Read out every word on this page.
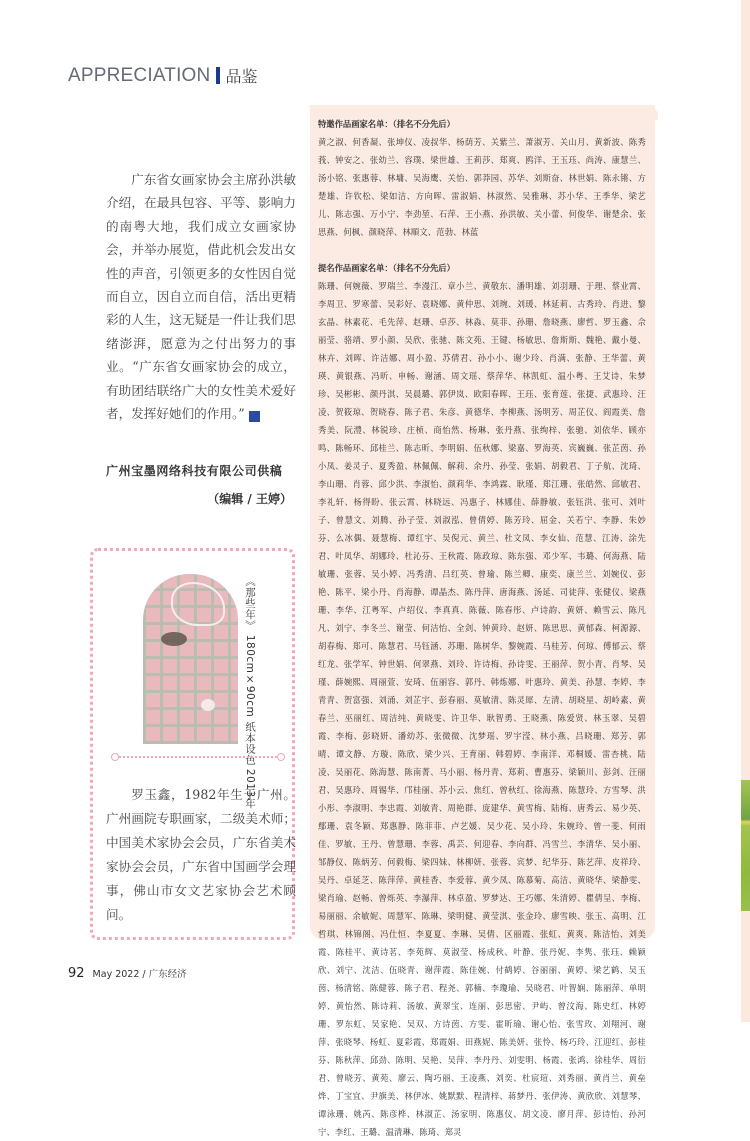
APPRECIATION 品鉴

广东省女画家协会主席孙洪敏介绍，在最具包容、平等、影响力的南粤大地，我们成立女画家协会，并举办展览，借此机会发出女性的声音，引领更多的女性因自觉而自立，因自立而自信，活出更精彩的人生，这无疑是一件让我们思绪澎湃，愿意为之付出努力的事业。“广东省女画家协会的成立，有助团结联络广大的女性美术爱好者，发挥好她们的作用。”	G

广州宝墨网络科技有限公司供稿
（编辑 / 王婷）
《那些年》 180cm×90cm 纸本设色 2013年

罗玉鑫，1982年生于广州。广州画院专职画家，二级美术师；中国美术家协会会员，广东省美术家协会会员，广东省中国画学会理事，佛山市女文艺家协会艺术顾问。

特邀作品画家名单：（排名不分先后）

黄之淑、何香凝、张坤仪、凌叔华、杨荫芳、关紫兰、萧淑芳、关山月、黄新波、陈秀莪、钟安之、张幼兰、容璞、梁世雄、王莉莎、郑爽、鸥洋、王玉珏、尚涛、康慧兰、汤小铭、张惠蓉、林墉、吴海鹰、关怡、郭莽园、苏华、刘斯奋、林世娟、陈永锵、方楚雄、许钦松、梁如洁、方向晖、雷淑娟、林淑然、吴雅琳、苏小华、王季华、梁艺儿、陈志强、万小宁、李劲堃、石萍、王小燕、孙洪敏、关小蕾、何俊华、谢楚余、张思燕、何枫、颜晓萍、林順文、范勃、林蓝

提名作品画家名单：（排名不分先后）

陈珊、何婉薇、罗瑞兰、李漫江、章小兰、黄敬东、潘明雄、刘羽珊、于理、蔡业霄、李周卫、罗寒蕾、吴彩好、袁晓娜、黄仲思、刘琬、刘瑗、林延莉、古秀玲、肖进、黎玄晶、林素花、毛先萍、赵珊、卓莎、林淼、莫菲、孙珊、詹晓燕、廖哲、罗玉鑫、佘丽莹、骆靖、罗小颜、吴欣、张驰、陈文苑、王键、杨敏思、詹斯斯、魏艳、戴小曼、林卉、刘晖、许洁娜、周小盈、苏倩君、孙小小、谢少玲、肖满、张静、王华蕾、黄瑛、黄银燕、冯昕、申畅、谢涵、周文瑶、蔡萍华、林凯虹、温小粤、王艾诗、朱梦珍、吴彬彬、颜丹淇、吴晨璐、郭伊岚、欧阳春晖、王珏、张育莲、张捷、武惠玲、汪凌、贺筱琼、贺晓春、陈子君、朱彦、黄德华、李柳燕、汤明芳、周芷仪、阎霞美、詹秀美、阮澧、林锐珍、庄桢、商怡然、杨琳、张丹燕、张绚梓、张驰、刘依华、顾亦鸣、陈畅环、邱桂兰、陈志昕、李明娟、伍秋娜、梁嘉、罗海英、宾巍巍、张芷茵、孙小凤、姜灵子、夏秀盈、林佩佩、解莉、余丹、孙莹、张娟、胡毅君、丁子航、沈琦、李山珊、肖蓉、邱少洪、李淑怡、颜莉华、李鸿霖、耿瑾、郑江珊、张皓然、邱敏君、李礼轩、杨得盼、张云霄、林晓远、冯惠子、林娜佳、薛静敏、张钰洪、张可、刘叶子、曾慧文、刘腾、孙子莹、刘淑泓、曾倩婷、陈芳玲、屈金、关若宁、李静、朱妙芬、么冰偶、聂慧梅、谭红宇、吴倪元、黄兰、杜文凤、李女仙、范慧、江涛、涂先君、叶凤华、胡娜玲、杜沁芬、王秋霞、陈政琼、陈东强、邓少军、韦璐、何海燕、陆敏珊、张蓉、吴小婷、冯秀清、吕红英、曾瑜、陈兰卿、康奕、康兰兰、刘婉仪、彭艳、陈平、梁小丹、肖海静、谭晶杰、陈丹萍、唐海燕、汤延、司徒萍、张健仪、梁燕珊、李华、江粤军、卢绍仪、李真真、陈薇、陈春彤、卢诗韵、黄妍、赖雪云、陈凡凡、刘宁、李冬兰、谢莹、何洁怡、全剑、钟黄玲、赵妍、陈思思、黄郁森、柯源源、胡春梅、郑可、陈慧君、马钰涵、苏珊、陈树华、黎婉霞、马桂芳、何琼、傅郁云、蔡红龙、张学军、钟世娟、何翠燕、刘玲、许诗梅、孙诗雯、王丽萍、贺小青、肖琴、吴瑾、薛婉熙、周丽萱、安琦、伍丽容、郭丹、韩炼娜、叶惠玲、黄美、孙慧、李婷、李青青、贺富强、刘涌、刘芷宇、彭春丽、莫敏清、陈灵犀、左清、胡晓星、胡岭素、黄春兰、巫丽红、周洁纯、黄晓雯、许卫华、耿智勇、王晓燕、陈爱贤、林玉翠、吴碧霞、李梅、彭晓妍、潘幼苏、张微微、沈梦瑶、罗宇滢、林小燕、吕晓珊、郑芳、郭晴、谭文静、方璇、陈欣、梁少兴、王育丽、韩碧婷、李南洋、邓桐媛、雷杏桃、陆凌、吴丽花、陈海慧、陈南菁、马小丽、杨丹青、郑莉、曹惠芬、梁颖川、彭剑、汪丽君、吴惠玲、周锡华、邝桂丽、苏小云、焦红、曾秋红、徐海燕、陈慧玲、方雪琴、洪小彤、李淑明、李忠霞、刘敏青、周艳群、庞建华、黄雪梅、陆梅、唐秀云、易少英、鄢珊、袁冬颖、郑惠静、陈菲菲、卢艺媛、吴少花、吴小玲、朱婉玲、曾一斐、何雨佳、罗敏、王丹、曾慧珊、李蓉、禹芸、何迎春、李向群、冯雪兰、李清华、吴小丽、邹静仪、陈炳芳、何毅梅、梁四妹、林柳妍、张蓉、宾梦、纪华芬、陈艺萍、皮祥玲、吴丹、卓延芝、陈萍萍、黄桂香、李爱蓉、黄少凤、陈慕菊、高洁、黄晓华、梁静雯、梁肖瑜、赵畅、曾烁英、李瀑萍、林卓盈、罗梦达、王巧娜、朱清婷、瞿倩呈、李梅、易丽丽、余敏妮、周慧军、陈琳、梁明健、黄莹淇、张金玲、廖雪映、张玉、高明、江哲琪、林锦阁、冯仕恒、李夏夏、李琳、吴倩、区丽霞、张虹、黄爽、陈洁怡、刘美霞、陈桂平、黄诗茗、李苑辉、莫淑莹、杨成秋、叶静、张丹妮、李隽、张珏、赖颖欣、刘宁、沈洁、伍晓青、谢萍霞、陈佳婉、付鹤婷、谷丽丽、黄婷、梁艺鹤、吴玉茵、杨清铭、陈健蓉、陈子君、程尧、郭楠、李瓊瑜、吴晓君、叶智娴、陈丽萍、单明婷、黄怡然、陈诗莉、汤敏、黄翠宝、连丽、彭思密、尹屿、曾汶海、陈史红、林婷珊、罗东虹、吴家艳、吴双、方诗茵、方雯、霍昕瑜、谢心怡、张雪玫、刘翔河、谢萍、张晓琴、杨虹、夏彩霞、郑霞娟、田燕妮、陈美妍、张怜、杨巧玲、江迎红、彭桂芬、陈秋萍、邱劲、陈明、吴艳、吴萍、李丹丹、刘雯明、杨霞、张鸿、徐桂华、周衍君、曾晓芳、黄苑、廖云、陶巧丽、王凌燕、刘奕、杜宸瑄、刘秀丽、黄肖兰、黄垒烨、丁宝宜、尹旗美、林伊冰、姚默默、程清梓、蒋梦丹、张伊涛、黄欣欣、刘慧琴、谭泳珊、姚芮、陈彦桦、林淑芷、汤家明、陈惠仪、胡文凌、廖月萍、彭诗怡、孙河宁、李红、王璐、温清琳、陈琦、郑灵

92 May 2022 / 广东经济
